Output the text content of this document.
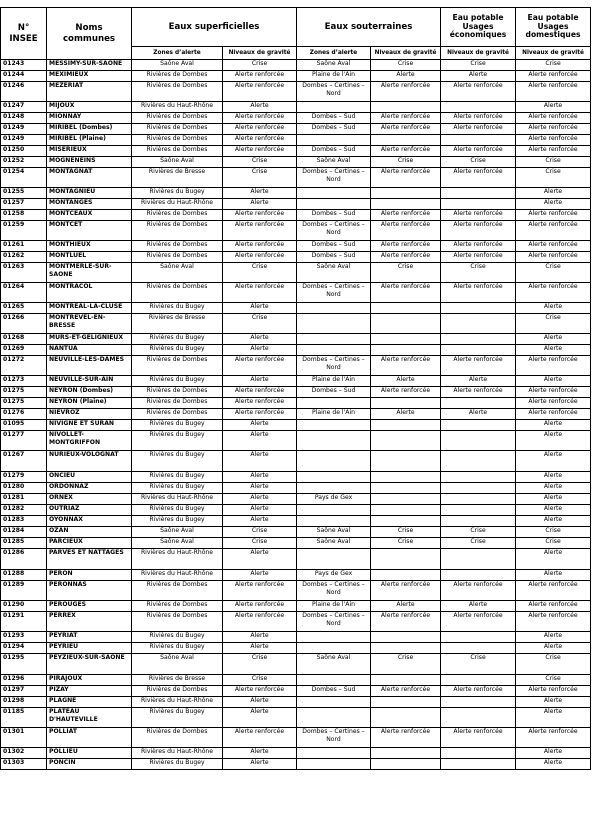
N° INSEE	Noms communes	Eaux superficielles		Eaux souterraines		Eau potable Usages économiques	Eau potable Usages domestiques
		Zones d’alerte	Niveaux de gravité	Zones d’alerte	Niveaux de gravité	Niveaux de gravité	Niveaux de gravité
01243	MESSIMY-SUR-SAONE	Saône Aval	Crise	Saône Aval	Crise	Crise	Crise
01244	MEXIMIEUX	Rivières de Dombes	Alerte renforcée	Plaine de l'Ain	Alerte	Alerte	Alerte renforcée
01246	MEZERIAT	Rivières de Dombes	Alerte renforcée	Dombes – Certines – Nord	Alerte renforcée	Alerte renforcée	Alerte renforcée
01247	MIJOUX	Rivières du Haut-Rhône	Alerte				Alerte
01248	MIONNAY	Rivières de Dombes	Alerte renforcée	Dombes – Sud	Alerte renforcée	Alerte renforcée	Alerte renforcée
01249	MIRIBEL (Dombes)	Rivières de Dombes	Alerte renforcée	Dombes – Sud	Alerte renforcée	Alerte renforcée	Alerte renforcée
01249	MIRIBEL (Plaine)	Rivières de Dombes	Alerte renforcée				Alerte renforcée
01250	MISERIEUX	Rivières de Dombes	Alerte renforcée	Dombes – Sud	Alerte renforcée	Alerte renforcée	Alerte renforcée
01252	MOGNENEINS	Saône Aval	Crise	Saône Aval	Crise	Crise	Crise
01254	MONTAGNAT	Rivières de Bresse	Crise	Dombes – Certines – Nord	Alerte renforcée	Alerte renforcée	Crise
01255	MONTAGNIEU	Rivières du Bugey	Alerte				Alerte
01257	MONTANGES	Rivières du Haut-Rhône	Alerte				Alerte
01258	MONTCEAUX	Rivières de Dombes	Alerte renforcée	Dombes – Sud	Alerte renforcée	Alerte renforcée	Alerte renforcée
01259	MONTCET	Rivières de Dombes	Alerte renforcée	Dombes – Certines – Nord	Alerte renforcée	Alerte renforcée	Alerte renforcée
01261	MONTHIEUX	Rivières de Dombes	Alerte renforcée	Dombes – Sud	Alerte renforcée	Alerte renforcée	Alerte renforcée
01262	MONTLUEL	Rivières de Dombes	Alerte renforcée	Dombes – Sud	Alerte renforcée	Alerte renforcée	Alerte renforcée
01263	MONTMERLE-SUR-SAONE	Saône Aval	Crise	Saône Aval	Crise	Crise	Crise
01264	MONTRACOL	Rivières de Dombes	Alerte renforcée	Dombes – Certines – Nord	Alerte renforcée	Alerte renforcée	Alerte renforcée
01265	MONTREAL-LA-CLUSE	Rivières du Bugey	Alerte				Alerte
01266	MONTREVEL-EN-BRESSE	Rivières de Bresse	Crise				Crise
01268	MURS-ET-GELIGNIEUX	Rivières du Bugey	Alerte				Alerte
01269	NANTUA	Rivières du Bugey	Alerte				Alerte
01272	NEUVILLE-LES-DAMES	Rivières de Dombes	Alerte renforcée	Dombes – Certines – Nord	Alerte renforcée	Alerte renforcée	Alerte renforcée
01273	NEUVILLE-SUR-AIN	Rivières du Bugey	Alerte	Plaine de l'Ain	Alerte	Alerte	Alerte
01275	NEYRON (Dombes)	Rivières de Dombes	Alerte renforcée	Dombes – Sud	Alerte renforcée	Alerte renforcée	Alerte renforcée
01275	NEYRON (Plaine)	Rivières de Dombes	Alerte renforcée				Alerte renforcée
01276	NIEVROZ	Rivières de Dombes	Alerte renforcée	Plaine de l'Ain	Alerte	Alerte	Alerte renforcée
01095	NIVIGNE ET SURAN	Rivières du Bugey	Alerte				Alerte
01277	NIVOLLET-MONTGRIFFON	Rivières du Bugey	Alerte				Alerte
01267	NURIEUX-VOLOGNAT	Rivières du Bugey	Alerte				Alerte
01279	ONCIEU	Rivières du Bugey	Alerte				Alerte
01280	ORDONNAZ	Rivières du Bugey	Alerte				Alerte
01281	ORNEX	Rivières du Haut-Rhône	Alerte	Pays de Gex			Alerte
01282	OUTRIAZ	Rivières du Bugey	Alerte				Alerte
01283	OYONNAX	Rivières du Bugey	Alerte				Alerte
01284	OZAN	Saône Aval	Crise	Saône Aval	Crise	Crise	Crise
01285	PARCIEUX	Saône Aval	Crise	Saône Aval	Crise	Crise	Crise
01286	PARVES ET NATTAGES	Rivières du Haut-Rhône	Alerte				Alerte
01288	PERON	Rivières du Haut-Rhône	Alerte	Pays de Gex			Alerte
01289	PERONNAS	Rivières de Dombes	Alerte renforcée	Dombes – Certines – Nord	Alerte renforcée	Alerte renforcée	Alerte renforcée
01290	PEROUGES	Rivières de Dombes	Alerte renforcée	Plaine de l'Ain	Alerte	Alerte	Alerte renforcée
01291	PERREX	Rivières de Dombes	Alerte renforcée	Dombes – Certines – Nord	Alerte renforcée	Alerte renforcée	Alerte renforcée
01293	PEYRIAT	Rivières du Bugey	Alerte				Alerte
01294	PEYRIEU	Rivières du Bugey	Alerte				Alerte
01295	PEYZIEUX-SUR-SAONE	Saône Aval	Crise	Saône Aval	Crise	Crise	Crise
01296	PIRAJOUX	Rivières de Bresse	Crise				Crise
01297	PIZAY	Rivières de Dombes	Alerte renforcée	Dombes – Sud	Alerte renforcée	Alerte renforcée	Alerte renforcée
01298	PLAGNE	Rivières du Haut-Rhône	Alerte				Alerte
01185	PLATEAU D'HAUTEVILLE	Rivières du Bugey	Alerte				Alerte
01301	POLLIAT	Rivières de Dombes	Alerte renforcée	Dombes – Certines – Nord	Alerte renforcée	Alerte renforcée	Alerte renforcée
01302	POLLIEU	Rivières du Haut-Rhône	Alerte				Alerte
01303	PONCIN	Rivières du Bugey	Alerte				Alerte
